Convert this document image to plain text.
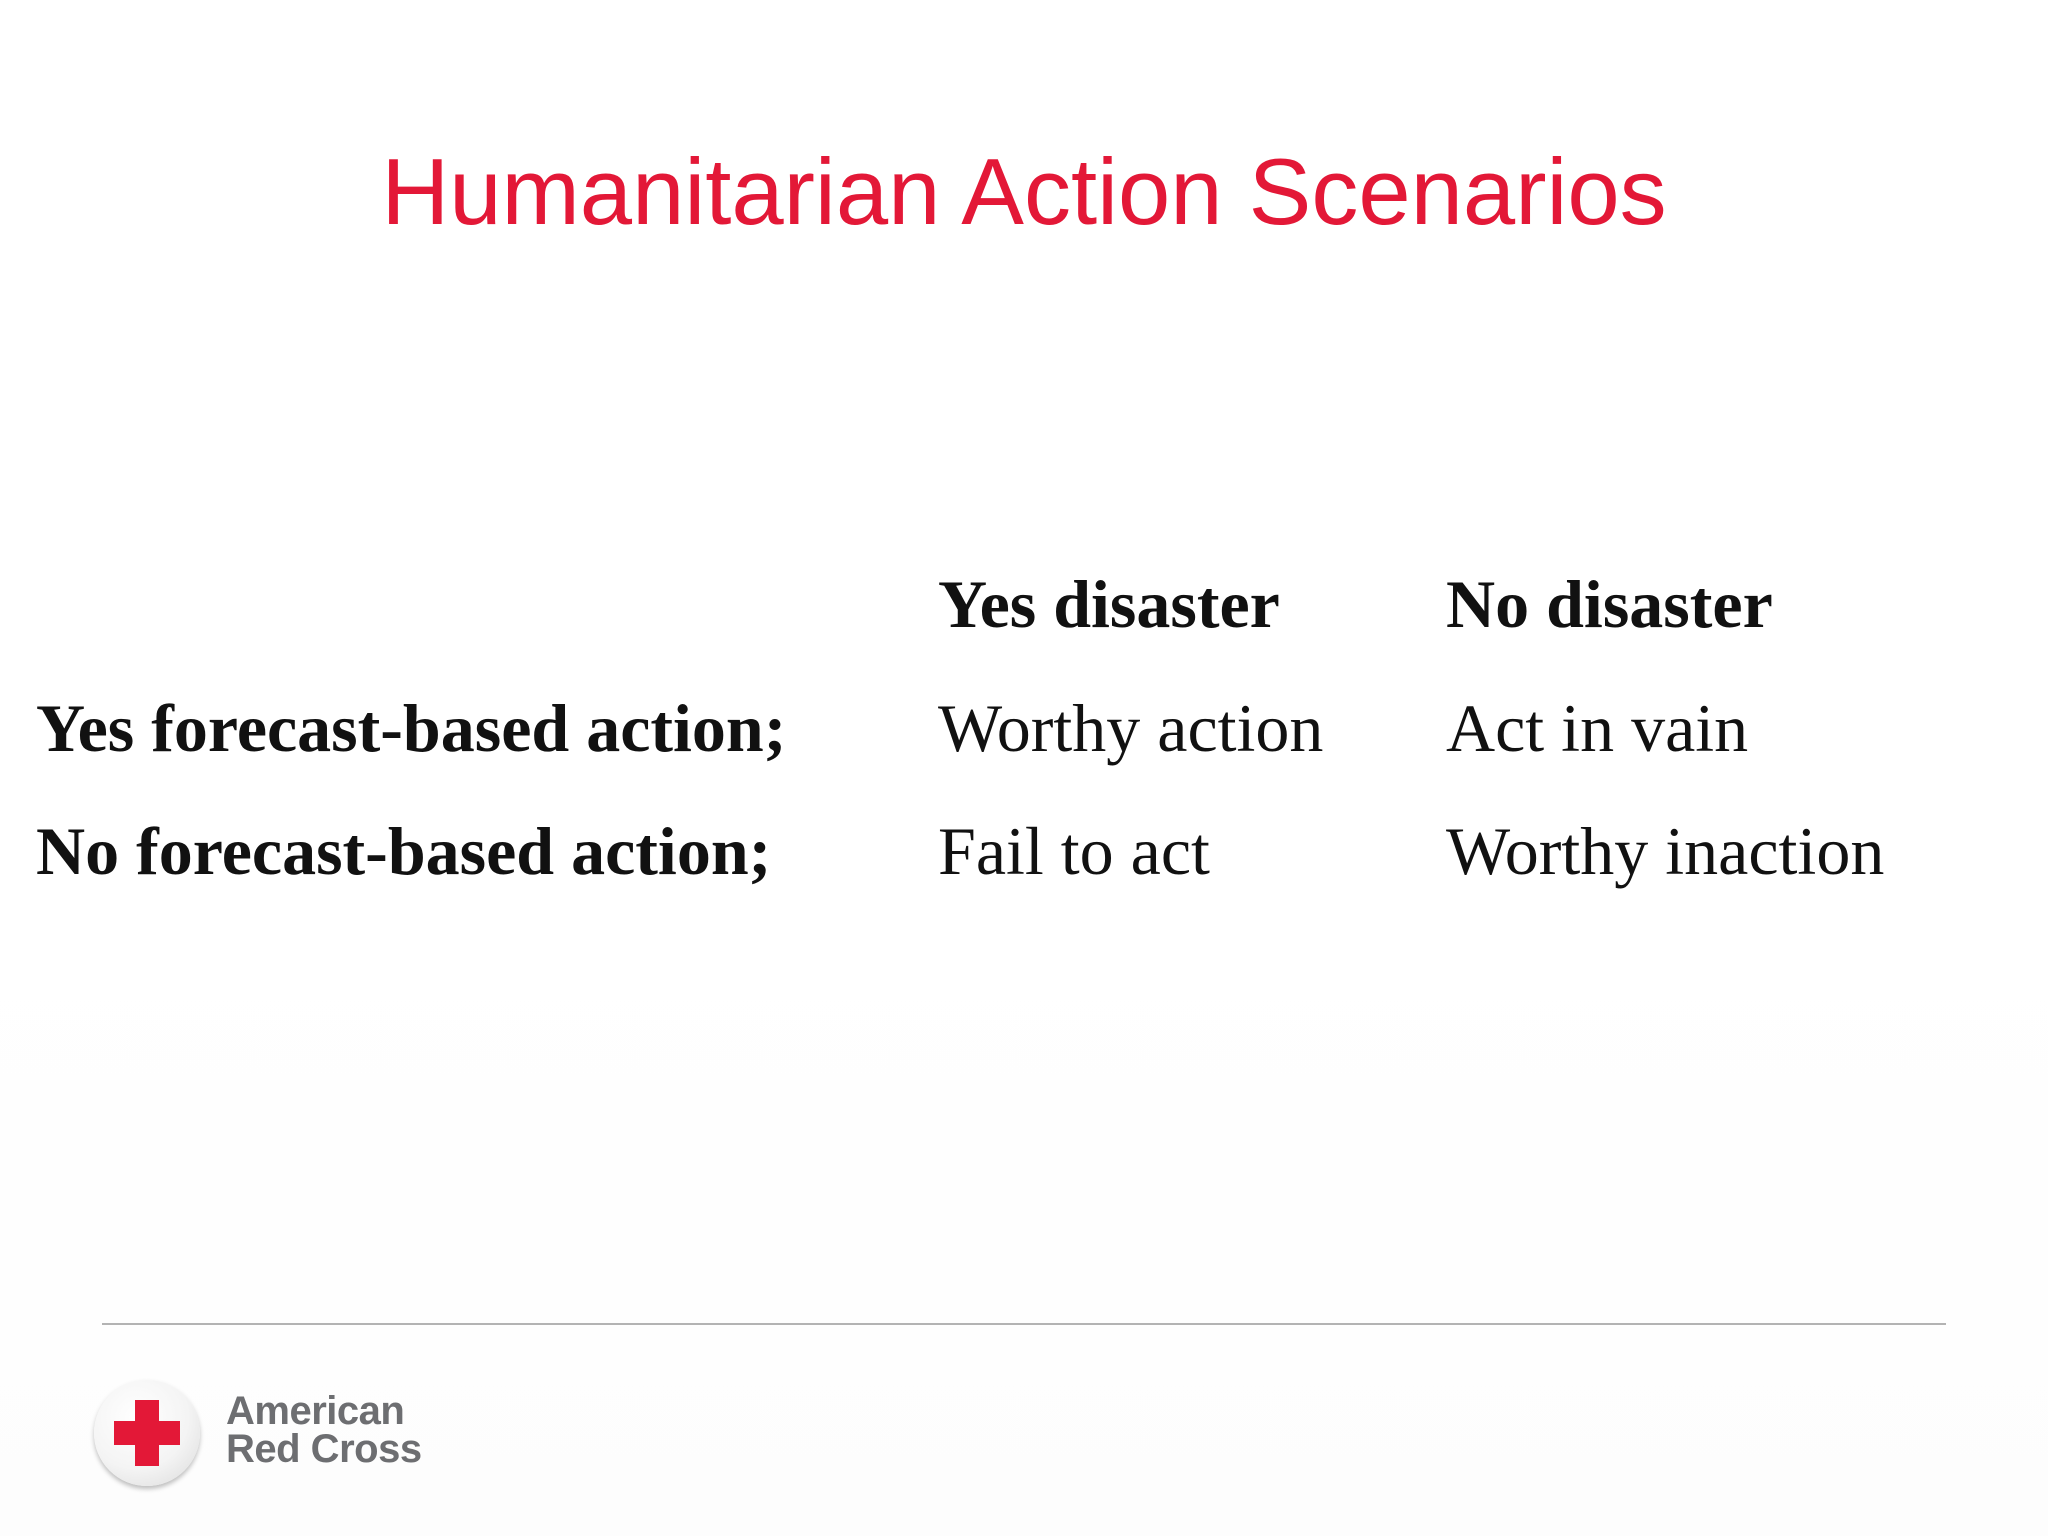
Humanitarian Action Scenarios
Yes disaster No disaster
Yes forecast-based action; Worthy action Act in vain
No forecast-based action; Fail to act	Worthy inaction
American
Red Cross
